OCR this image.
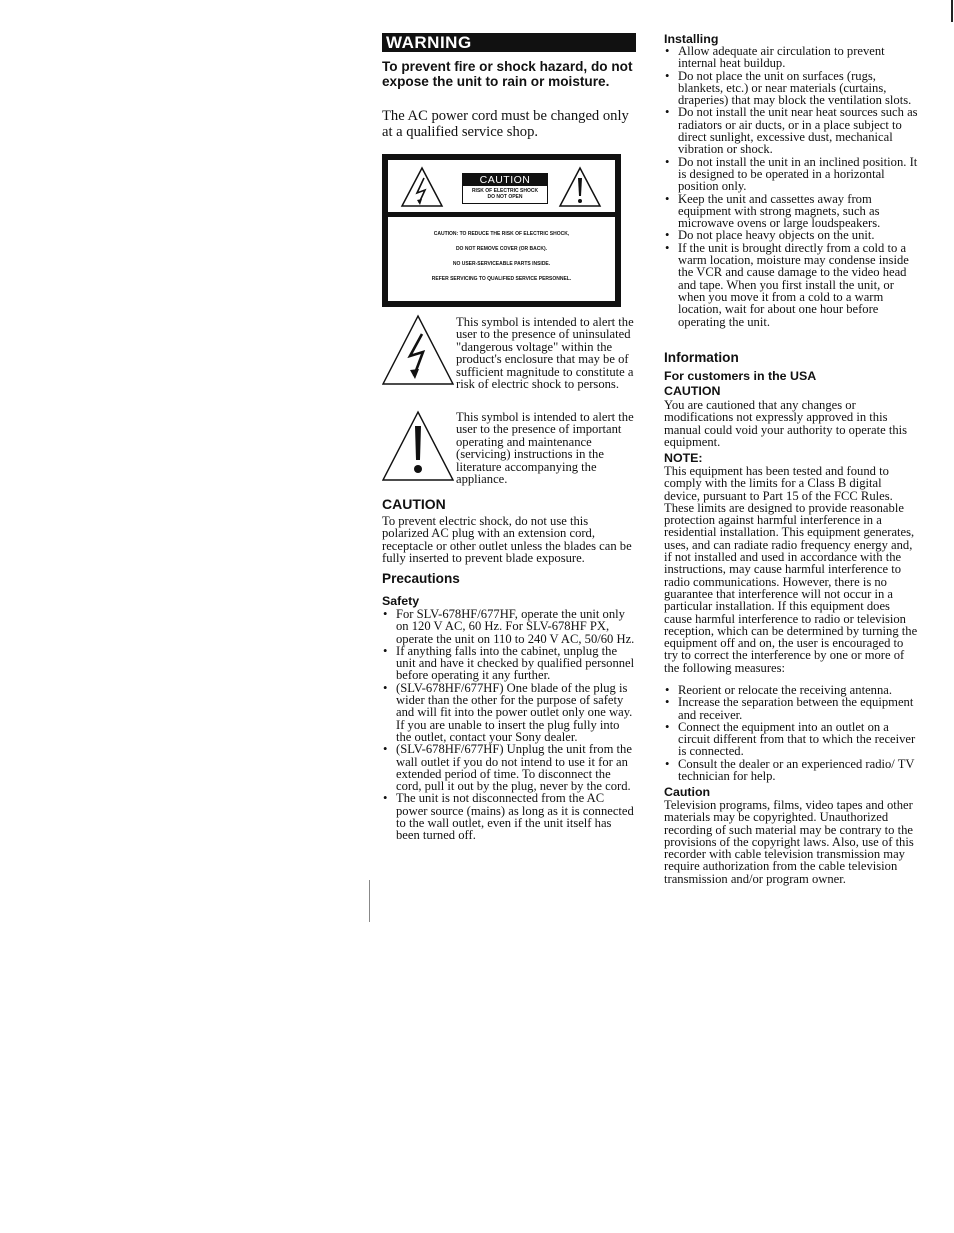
WARNING
To prevent fire or shock hazard, do not expose the unit to rain or moisture.
The AC power cord must be changed only at a qualified service shop.
CAUTION
RISK OF ELECTRIC SHOCK
DO NOT OPEN
CAUTION: TO REDUCE THE RISK OF ELECTRIC SHOCK,
DO NOT REMOVE COVER (OR BACK).
NO USER-SERVICEABLE PARTS INSIDE.
REFER SERVICING TO QUALIFIED SERVICE PERSONNEL.
This symbol is intended to alert the user to the presence of uninsulated "dangerous voltage" within the product's enclosure that may be of sufficient magnitude to constitute a risk of electric shock to persons.
This symbol is intended to alert the user to the presence of important operating and maintenance (servicing) instructions in the literature accompanying the appliance.
CAUTION
To prevent electric shock, do not use this polarized AC plug with an extension cord, receptacle or other outlet unless the blades can be fully inserted to prevent blade exposure.
Precautions
Safety
• For SLV-678HF/677HF, operate the unit only on 120 V AC, 60 Hz. For SLV-678HF PX, operate the unit on 110 to 240 V AC, 50/60 Hz.
• If anything falls into the cabinet, unplug the unit and have it checked by qualified personnel before operating it any further.
• (SLV-678HF/677HF) One blade of the plug is wider than the other for the purpose of safety and will fit into the power outlet only one way. If you are unable to insert the plug fully into the outlet, contact your Sony dealer.
• (SLV-678HF/677HF) Unplug the unit from the wall outlet if you do not intend to use it for an extended period of time. To disconnect the cord, pull it out by the plug, never by the cord.
• The unit is not disconnected from the AC power source (mains) as long as it is connected to the wall outlet, even if the unit itself has been turned off.
Installing
• Allow adequate air circulation to prevent internal heat buildup.
• Do not place the unit on surfaces (rugs, blankets, etc.) or near materials (curtains, draperies) that may block the ventilation slots.
• Do not install the unit near heat sources such as radiators or air ducts, or in a place subject to direct sunlight, excessive dust, mechanical vibration or shock.
• Do not install the unit in an inclined position. It is designed to be operated in a horizontal position only.
• Keep the unit and cassettes away from equipment with strong magnets, such as microwave ovens or large loudspeakers.
• Do not place heavy objects on the unit.
• If the unit is brought directly from a cold to a warm location, moisture may condense inside the VCR and cause damage to the video head and tape. When you first install the unit, or when you move it from a cold to a warm location, wait for about one hour before operating the unit.
Information
For customers in the USA
CAUTION
You are cautioned that any changes or modifications not expressly approved in this manual could void your authority to operate this equipment.
NOTE:
This equipment has been tested and found to comply with the limits for a Class B digital device, pursuant to Part 15 of the FCC Rules. These limits are designed to provide reasonable protection against harmful interference in a residential installation. This equipment generates, uses, and can radiate radio frequency energy and, if not installed and used in accordance with the instructions, may cause harmful interference to radio communications. However, there is no guarantee that interference will not occur in a particular installation. If this equipment does cause harmful interference to radio or television reception, which can be determined by turning the equipment off and on, the user is encouraged to try to correct the interference by one or more of the following measures:
• Reorient or relocate the receiving antenna.
• Increase the separation between the equipment and receiver.
• Connect the equipment into an outlet on a circuit different from that to which the receiver is connected.
• Consult the dealer or an experienced radio/ TV technician for help.
Caution
Television programs, films, video tapes and other materials may be copyrighted. Unauthorized recording of such material may be contrary to the provisions of the copyright laws. Also, use of this recorder with cable television transmission may require authorization from the cable television transmission and/or program owner.
